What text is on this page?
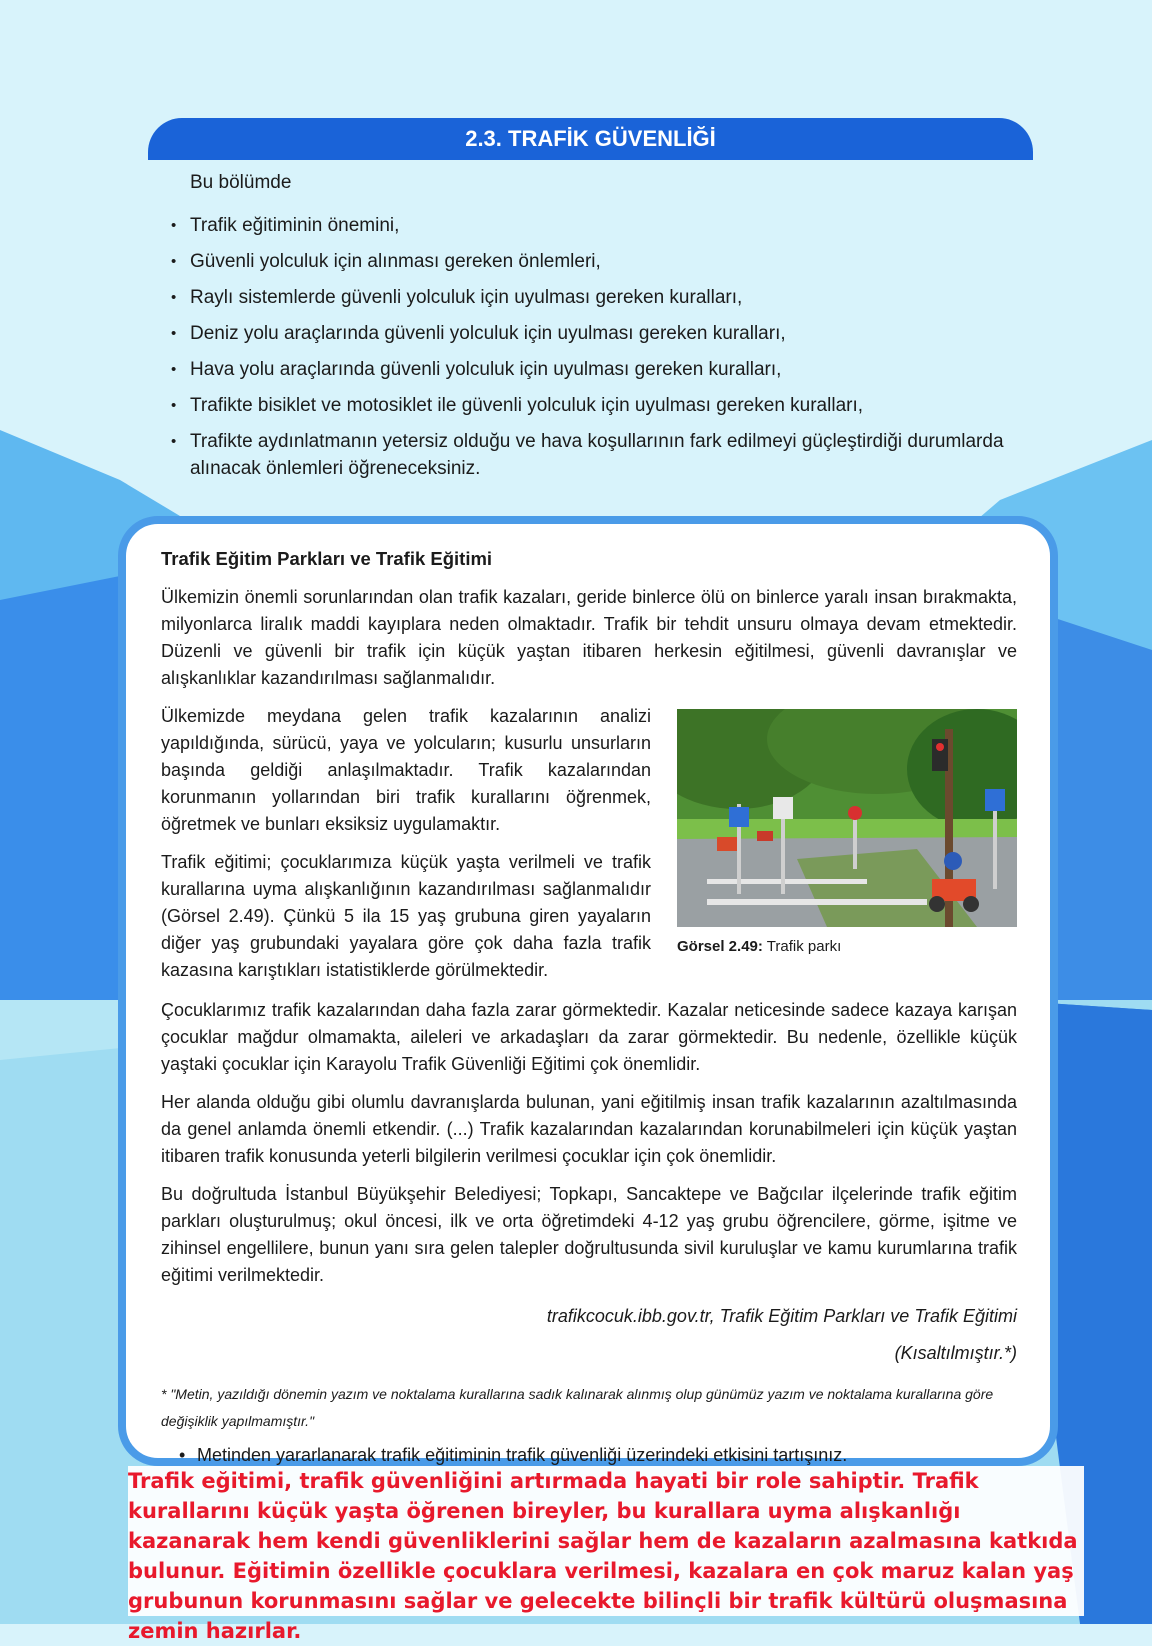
2.3. TRAFİK GÜVENLİĞİ
Bu bölümde
• Trafik eğitiminin önemini,
• Güvenli yolculuk için alınması gereken önlemleri,
• Raylı sistemlerde güvenli yolculuk için uyulması gereken kuralları,
• Deniz yolu araçlarında güvenli yolculuk için uyulması gereken kuralları,
• Hava yolu araçlarında güvenli yolculuk için uyulması gereken kuralları,
• Trafikte bisiklet ve motosiklet ile güvenli yolculuk için uyulması gereken kuralları,
• Trafikte aydınlatmanın yetersiz olduğu ve hava koşullarının fark edilmeyi güçleştirdiği durumlarda alınacak önlemleri öğreneceksiniz.
Trafik Eğitim Parkları ve Trafik Eğitimi

Ülkemizin önemli sorunlarından olan trafik kazaları, geride binlerce ölü on binlerce yaralı insan bırakmakta, milyonlarca liralık maddi kayıplara neden olmaktadır. Trafik bir tehdit unsuru olmaya devam etmektedir. Düzenli ve güvenli bir trafik için küçük yaştan itibaren herkesin eğitilmesi, güvenli davranışlar ve alışkanlıklar kazandırılması sağlanmalıdır.

Ülkemizde meydana gelen trafik kazalarının analizi yapıldığında, sürücü, yaya ve yolcuların; kusurlu unsurların başında geldiği anlaşılmaktadır. Trafik kazalarından korunmanın yollarından biri trafik kurallarını öğrenmek, öğretmek ve bunları eksiksiz uygulamaktır.

Trafik eğitimi; çocuklarımıza küçük yaşta verilmeli ve trafik kurallarına uyma alışkanlığının kazandırılması sağlanmalıdır (Görsel 2.49). Çünkü 5 ila 15 yaş grubuna giren yayaların diğer yaş grubundaki yayalara göre çok daha fazla trafik kazasına karıştıkları istatistiklerde görülmektedir.

Görsel 2.49: Trafik parkı

Çocuklarımız trafik kazalarından daha fazla zarar görmektedir. Kazalar neticesinde sadece kazaya karışan çocuklar mağdur olmamakta, aileleri ve arkadaşları da zarar görmektedir. Bu nedenle, özellikle küçük yaştaki çocuklar için Karayolu Trafik Güvenliği Eğitimi çok önemlidir.

Her alanda olduğu gibi olumlu davranışlarda bulunan, yani eğitilmiş insan trafik kazalarının azaltılmasında da genel anlamda önemli etkendir. (...) Trafik kazalarından kazalarından korunabilmeleri için küçük yaştan itibaren trafik konusunda yeterli bilgilerin verilmesi çocuklar için çok önemlidir.

Bu doğrultuda İstanbul Büyükşehir Belediyesi; Topkapı, Sancaktepe ve Bağcılar ilçelerinde trafik eğitim parkları oluşturulmuş; okul öncesi, ilk ve orta öğretimdeki 4-12 yaş grubu öğrencilere, görme, işitme ve zihinsel engellilere, bunun yanı sıra gelen talepler doğrultusunda sivil kuruluşlar ve kamu kurumlarına trafik eğitimi verilmektedir.

trafikcocuk.ibb.gov.tr, Trafik Eğitim Parkları ve Trafik Eğitimi

(Kısaltılmıştır.*)

* "Metin, yazıldığı dönemin yazım ve noktalama kurallarına sadık kalınarak alınmış olup günümüz yazım ve noktalama kurallarına göre değişiklik yapılmamıştır."

• Metinden yararlanarak trafik eğitiminin trafik güvenliği üzerindeki etkisini tartışınız.

Trafik eğitimi, trafik güvenliğini artırmada hayati bir role sahiptir. Trafik kurallarını küçük yaşta öğrenen bireyler, bu kurallara uyma alışkanlığı kazanarak hem kendi güvenliklerini sağlar hem de kazaların azalmasına katkıda bulunur. Eğitimin özellikle çocuklara verilmesi, kazalara en çok maruz kalan yaş grubunun korunmasını sağlar ve gelecekte bilinçli bir trafik kültürü oluşmasına zemin hazırlar.
